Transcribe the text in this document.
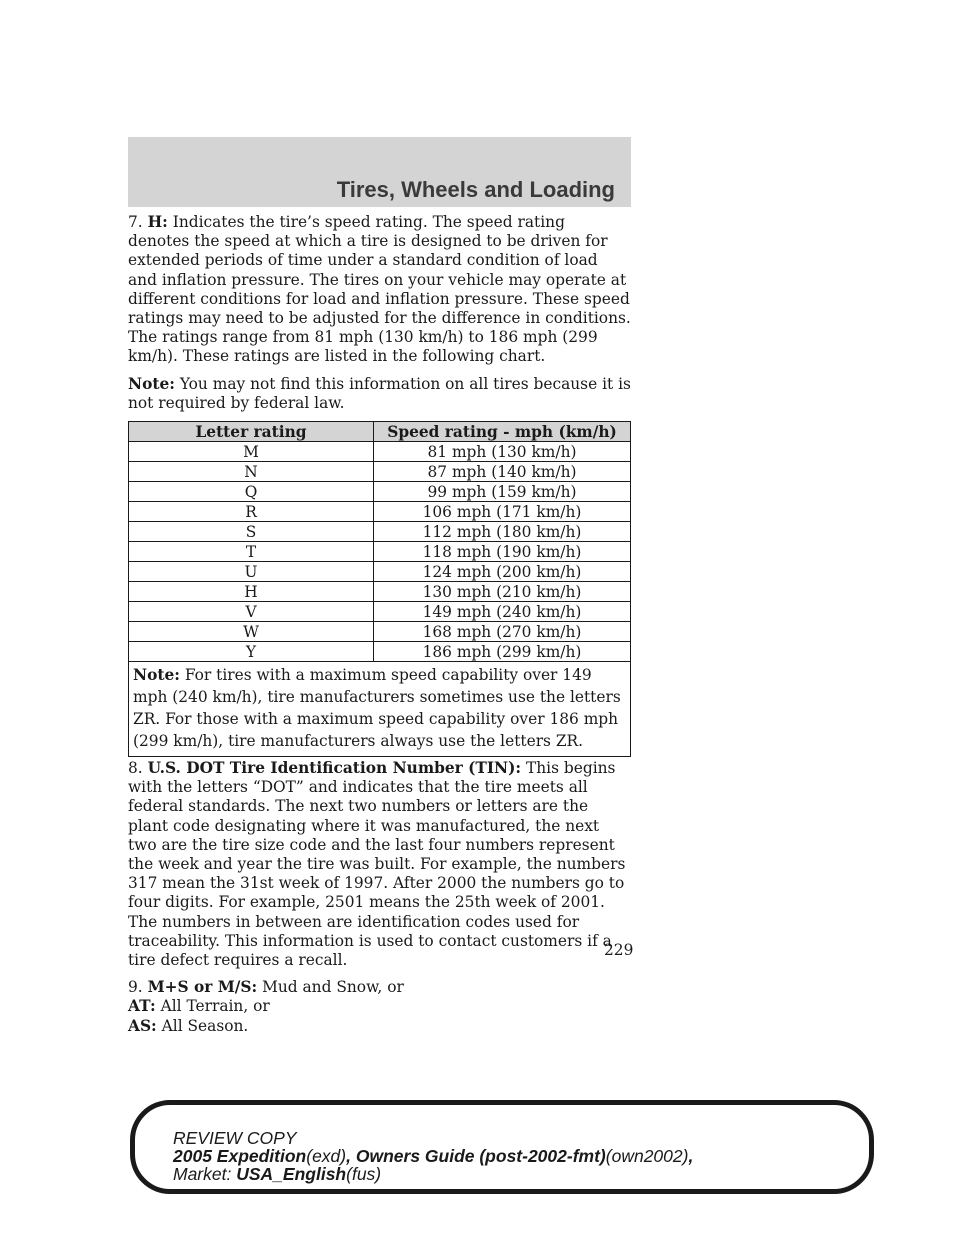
Tires, Wheels and Loading

7. H: Indicates the tire’s speed rating. The speed rating denotes the speed at which a tire is designed to be driven for extended periods of time under a standard condition of load and inflation pressure. The tires on your vehicle may operate at different conditions for load and inflation pressure. These speed ratings may need to be adjusted for the difference in conditions. The ratings range from 81 mph (130 km/h) to 186 mph (299 km/h). These ratings are listed in the following chart.

Note: You may not find this information on all tires because it is not required by federal law.

Letter rating	Speed rating - mph (km/h)
M	81 mph (130 km/h)
N	87 mph (140 km/h)
Q	99 mph (159 km/h)
R	106 mph (171 km/h)
S	112 mph (180 km/h)
T	118 mph (190 km/h)
U	124 mph (200 km/h)
H	130 mph (210 km/h)
V	149 mph (240 km/h)
W	168 mph (270 km/h)
Y	186 mph (299 km/h)
Note: For tires with a maximum speed capability over 149 mph (240 km/h), tire manufacturers sometimes use the letters ZR. For those with a maximum speed capability over 186 mph (299 km/h), tire manufacturers always use the letters ZR.	

8. U.S. DOT Tire Identification Number (TIN): This begins with the letters “DOT” and indicates that the tire meets all federal standards. The next two numbers or letters are the plant code designating where it was manufactured, the next two are the tire size code and the last four numbers represent the week and year the tire was built. For example, the numbers 317 mean the 31st week of 1997. After 2000 the numbers go to four digits. For example, 2501 means the 25th week of 2001. The numbers in between are identification codes used for traceability. This information is used to contact customers if a tire defect requires a recall.

9. M+S or M/S: Mud and Snow, or

AT: All Terrain, or

AS: All Season.

229
REVIEW COPY
2005 Expedition(exd), Owners Guide (post-2002-fmt)(own2002),
Market: USA_English(fus)
